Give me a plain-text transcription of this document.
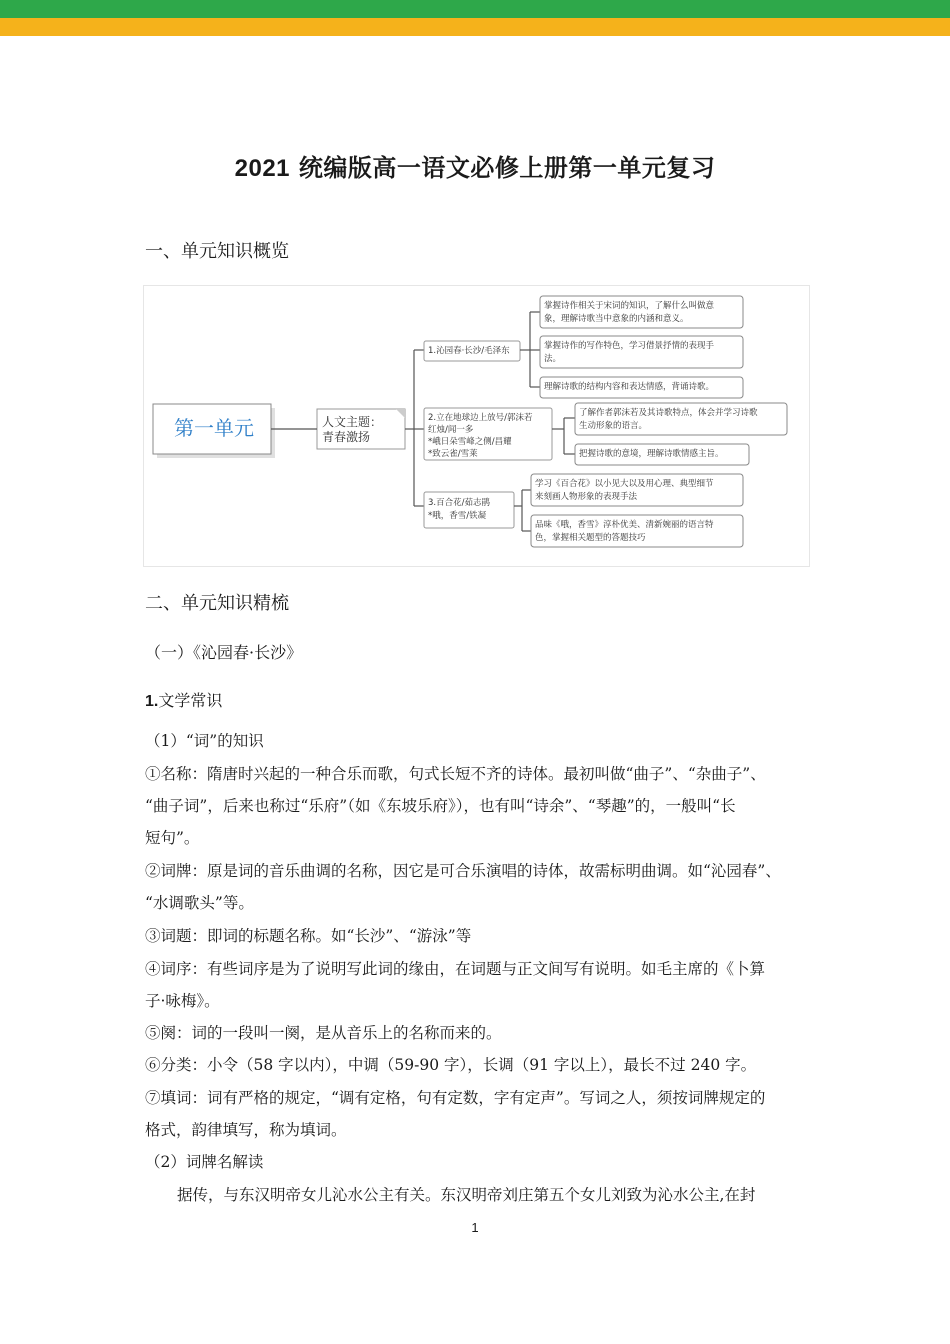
2021 统编版高一语文必修上册第一单元复习
一、单元知识概览
第一单元	人文主题：
青春激扬
1.沁园春·长沙/毛泽东
掌握诗作相关于宋词的知识，了解什么叫做意
象，理解诗歌当中意象的内涵和意义。
掌握诗作的写作特色，学习借景抒情的表现手
法。
理解诗歌的结构内容和表达情感，背诵诗歌。
2.立在地球边上放号/郭沫若
红烛/闻一多
*峨日朵雪峰之侧/昌耀
*致云雀/雪莱
了解作者郭沫若及其诗歌特点，体会并学习诗歌
生动形象的语言。
把握诗歌的意境，理解诗歌情感主旨。
3.百合花/茹志鹃
*哦，香雪/铁凝
学习《百合花》以小见大以及用心理、典型细节
来刻画人物形象的表现手法
品味《哦，香雪》淳朴优美、清新婉丽的语言特
色，掌握相关题型的答题技巧
二、单元知识精梳
（一）《沁园春·长沙》
1.文学常识
（1）“词”的知识
①名称：隋唐时兴起的一种合乐而歌，句式长短不齐的诗体。最初叫做“曲子”、“杂曲子”、
“曲子词”，后来也称过“乐府”（如《东坡乐府》），也有叫“诗余”、“琴趣”的，一般叫“长
短句”。
②词牌：原是词的音乐曲调的名称，因它是可合乐演唱的诗体，故需标明曲调。如“沁园春”、
“水调歌头”等。
③词题：即词的标题名称。如“长沙”、“游泳”等
④词序：有些词序是为了说明写此词的缘由，在词题与正文间写有说明。如毛主席的《卜算
子·咏梅》。
⑤阕：词的一段叫一阕，是从音乐上的名称而来的。
⑥分类：小令（58 字以内），中调（59-90 字），长调（91 字以上），最长不过 240 字。
⑦填词：词有严格的规定，“调有定格，句有定数，字有定声”。写词之人，须按词牌规定的
格式，韵律填写，称为填词。
（2）词牌名解读
据传，与东汉明帝女儿沁水公主有关。东汉明帝刘庄第五个女儿刘致为沁水公主,在封
1
